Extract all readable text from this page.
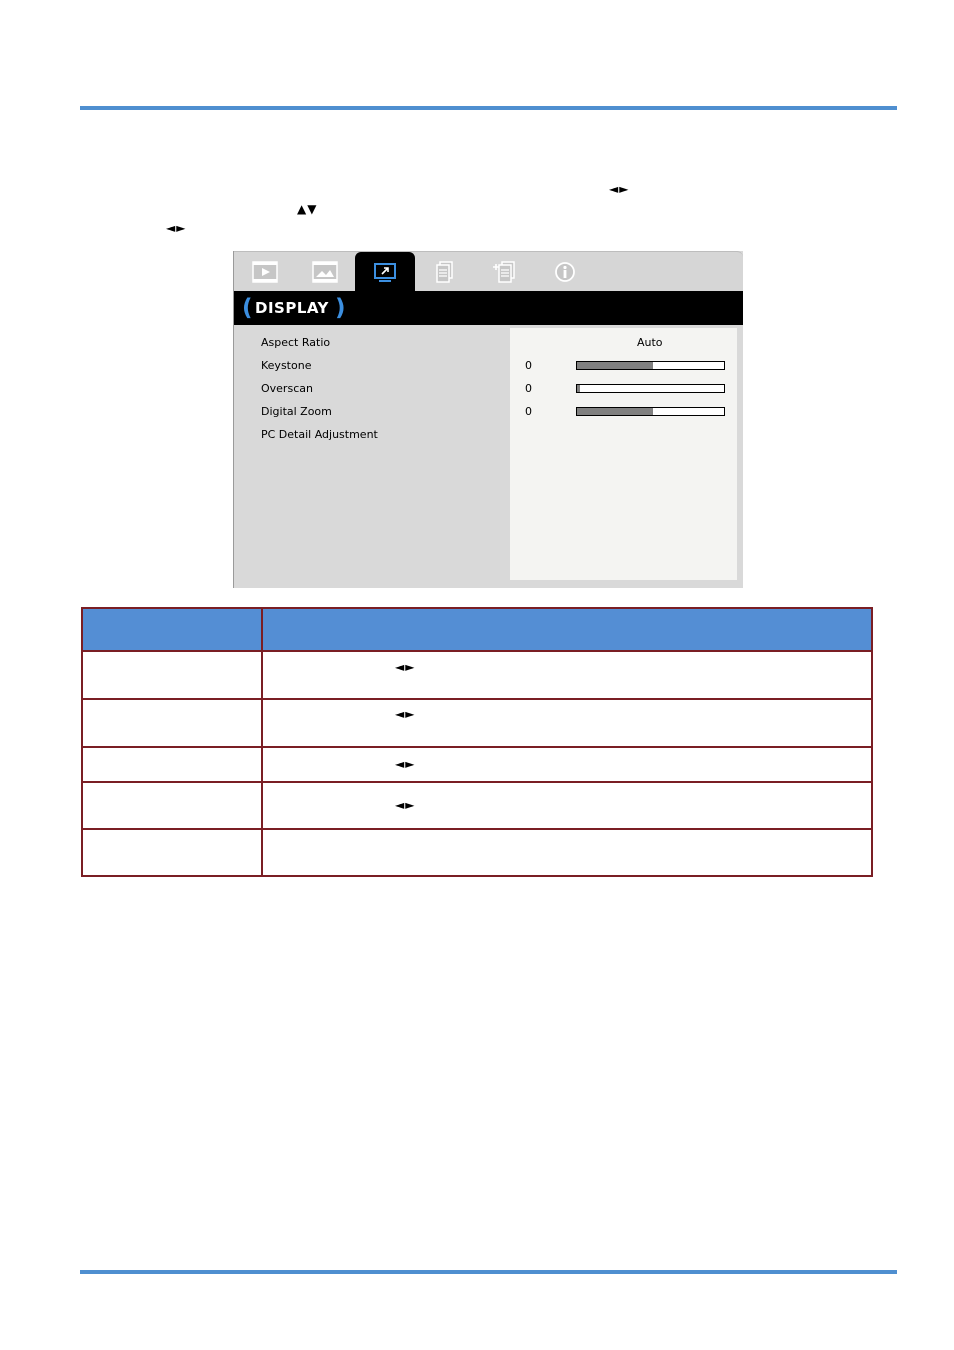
◄►
▲▼
◄►
( DISPLAY )
Aspect Ratio
Keystone
Overscan
Digital Zoom
PC Detail Adjustment
Auto
0
0
0
◄►
◄►
◄►
◄►
